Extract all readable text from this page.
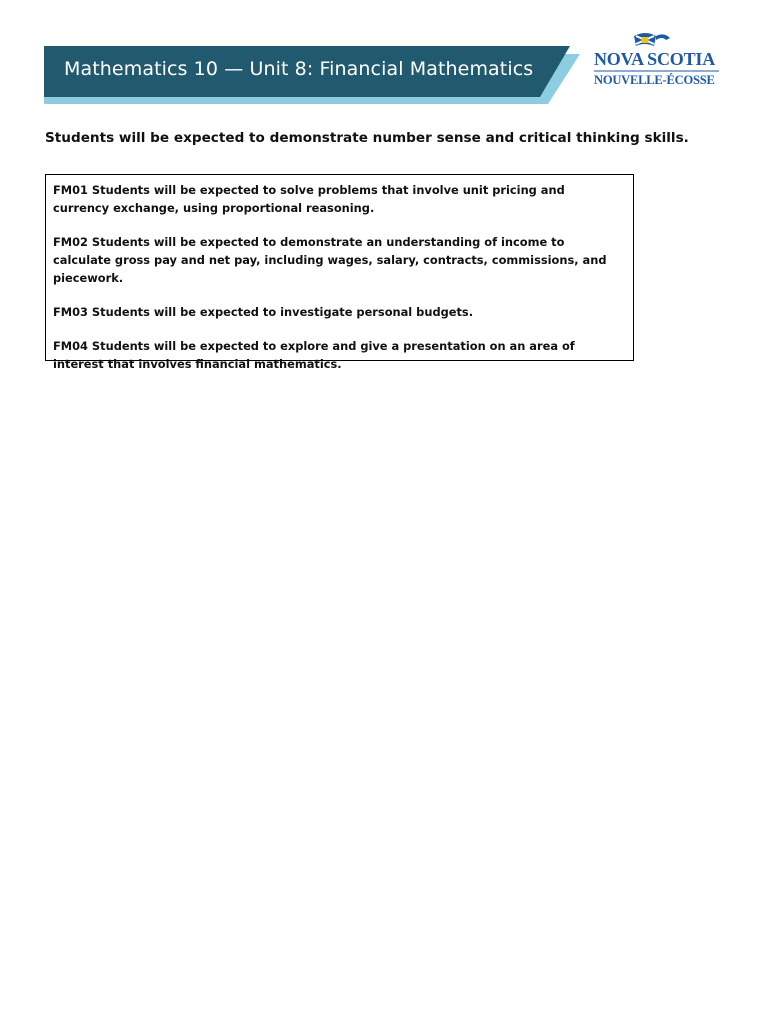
Mathematics 10 — Unit 8: Financial Mathematics	NOVA SCOTIA
NOUVELLE-ÉCOSSE
Students will be expected to demonstrate number sense and critical thinking skills.

FM01 Students will be expected to solve problems that involve unit pricing and currency exchange, using proportional reasoning.

FM02 Students will be expected to demonstrate an understanding of income to calculate gross pay and net pay, including wages, salary, contracts, commissions, and piecework.

FM03 Students will be expected to investigate personal budgets.

FM04 Students will be expected to explore and give a presentation on an area of interest that involves financial mathematics.
